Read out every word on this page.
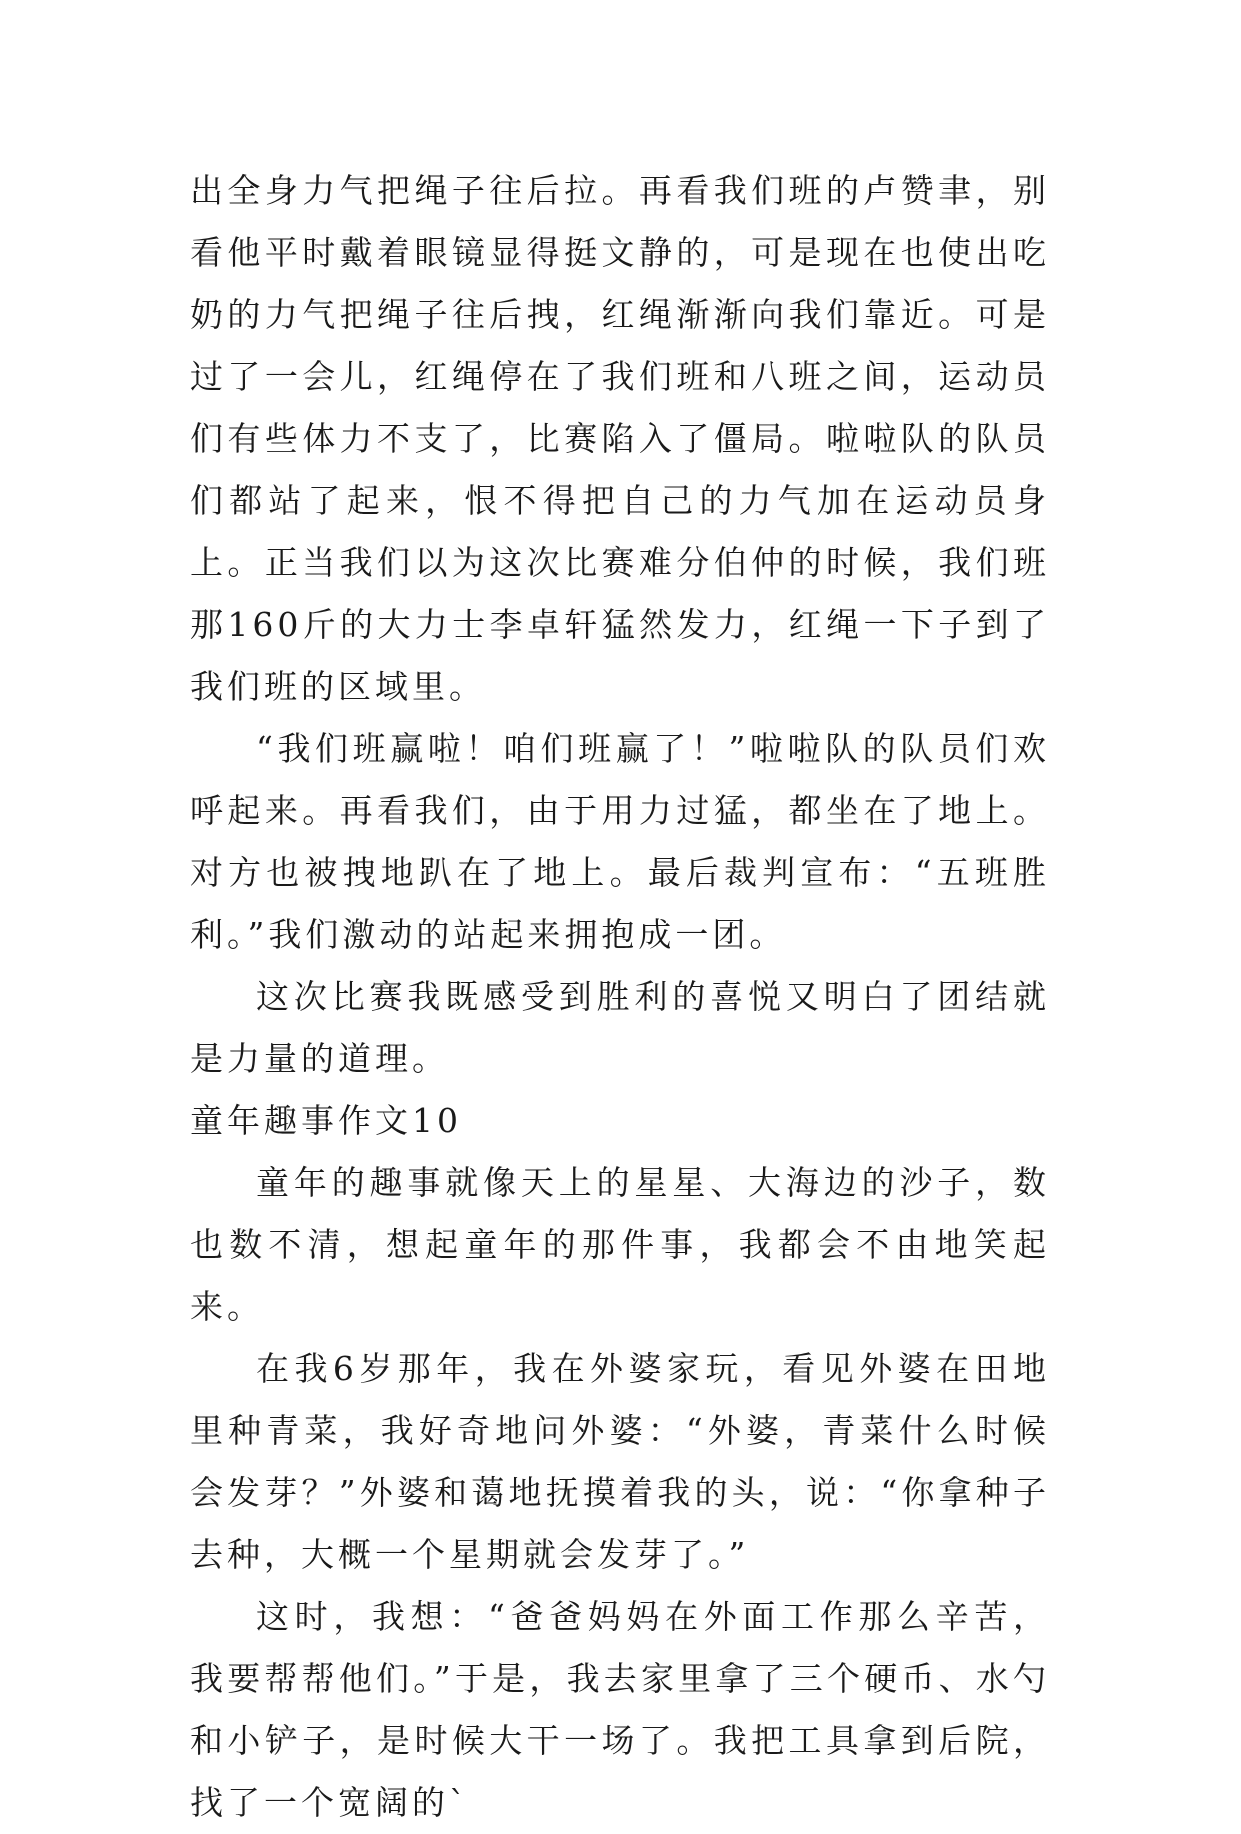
出全身力气把绳子往后拉。再看我们班的卢赞聿，别看他平时戴着眼镜显得挺文静的，可是现在也使出吃奶的力气把绳子往后拽，红绳渐渐向我们靠近。可是过了一会儿，红绳停在了我们班和八班之间，运动员们有些体力不支了，比赛陷入了僵局。啦啦队的队员们都站了起来，恨不得把自己的力气加在运动员身上。正当我们以为这次比赛难分伯仲的时候，我们班那160斤的大力士李卓轩猛然发力，红绳一下子到了我们班的区域里。

“我们班赢啦！咱们班赢了！”啦啦队的队员们欢呼起来。再看我们，由于用力过猛，都坐在了地上。对方也被拽地趴在了地上。最后裁判宣布：“五班胜利。”我们激动的站起来拥抱成一团。

这次比赛我既感受到胜利的喜悦又明白了团结就是力量的道理。

童年趣事作文10

童年的趣事就像天上的星星、大海边的沙子，数也数不清，想起童年的那件事，我都会不由地笑起来。

在我6岁那年，我在外婆家玩，看见外婆在田地里种青菜，我好奇地问外婆：“外婆，青菜什么时候会发芽？”外婆和蔼地抚摸着我的头，说：“你拿种子去种，大概一个星期就会发芽了。”

这时，我想：“爸爸妈妈在外面工作那么辛苦，我要帮帮他们。”于是，我去家里拿了三个硬币、水勺和小铲子，是时候大干一场了。我把工具拿到后院，找了一个宽阔的`
